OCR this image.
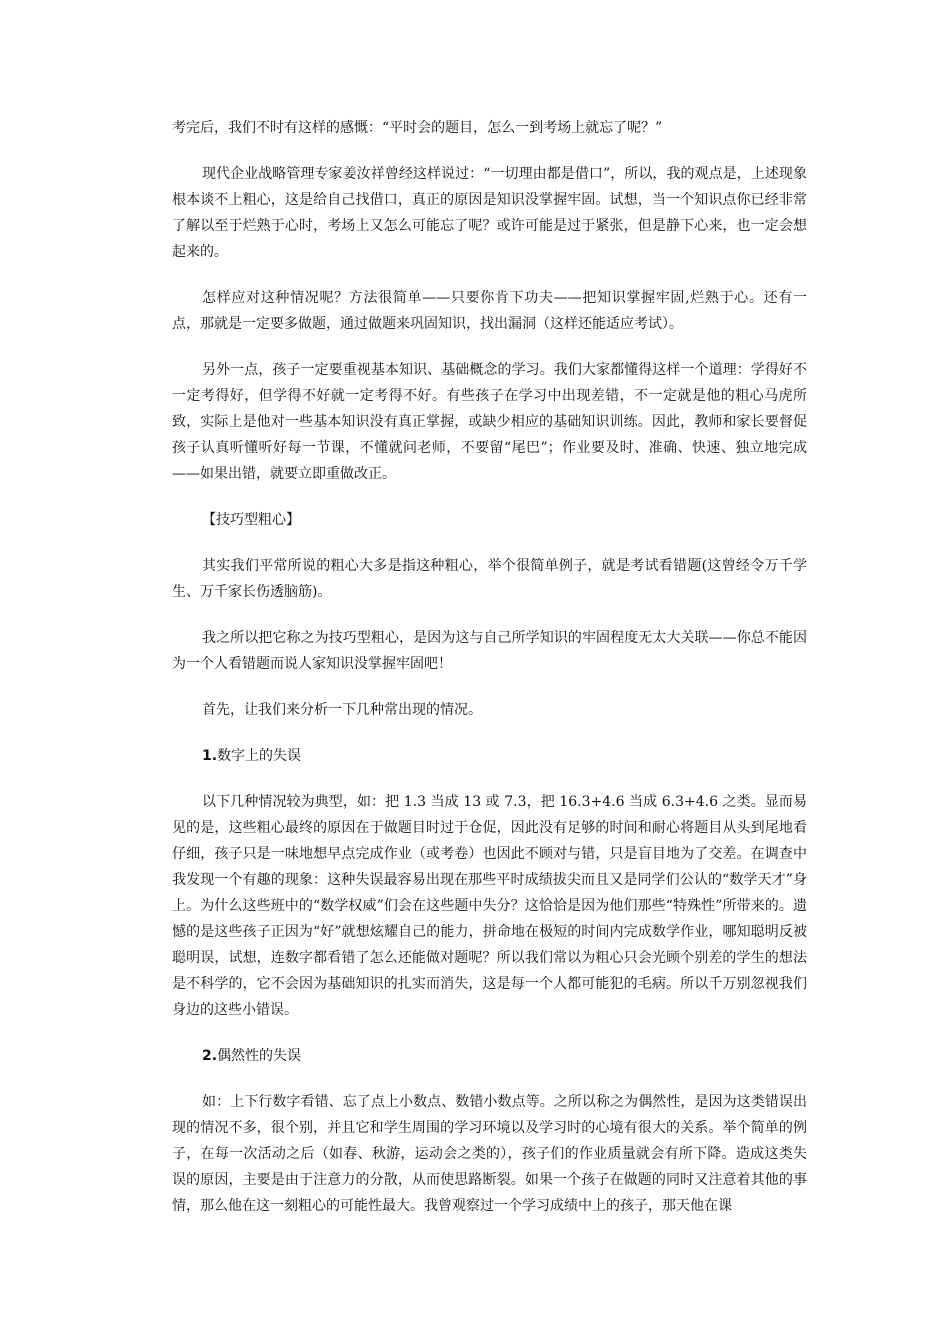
考完后，我们不时有这样的感慨：“平时会的题目，怎么一到考场上就忘了呢？”

现代企业战略管理专家姜汝祥曾经这样说过：“一切理由都是借口”，所以，我的观点是，上述现象根本谈不上粗心，这是给自己找借口，真正的原因是知识没掌握牢固。试想，当一个知识点你已经非常了解以至于烂熟于心时，考场上又怎么可能忘了呢？或许可能是过于紧张，但是静下心来，也一定会想起来的。

怎样应对这种情况呢？方法很简单——只要你肯下功夫——把知识掌握牢固,烂熟于心。还有一点，那就是一定要多做题，通过做题来巩固知识，找出漏洞（这样还能适应考试）。

另外一点，孩子一定要重视基本知识、基础概念的学习。我们大家都懂得这样一个道理：学得好不一定考得好，但学得不好就一定考得不好。有些孩子在学习中出现差错，不一定就是他的粗心马虎所致，实际上是他对一些基本知识没有真正掌握，或缺少相应的基础知识训练。因此，教师和家长要督促孩子认真听懂听好每一节课，不懂就问老师，不要留“尾巴”；作业要及时、准确、快速、独立地完成——如果出错，就要立即重做改正。

【技巧型粗心】

其实我们平常所说的粗心大多是指这种粗心，举个很简单例子，就是考试看错题(这曾经令万千学生、万千家长伤透脑筋)。

我之所以把它称之为技巧型粗心，是因为这与自己所学知识的牢固程度无太大关联——你总不能因为一个人看错题而说人家知识没掌握牢固吧！

首先，让我们来分析一下几种常出现的情况。

1.数字上的失误

以下几种情况较为典型，如：把 1.3 当成 13 或 7.3，把 16.3+4.6 当成 6.3+4.6 之类。显而易见的是，这些粗心最终的原因在于做题目时过于仓促，因此没有足够的时间和耐心将题目从头到尾地看仔细，孩子只是一味地想早点完成作业（或考卷）也因此不顾对与错，只是盲目地为了交差。在调查中我发现一个有趣的现象：这种失误最容易出现在那些平时成绩拔尖而且又是同学们公认的“数学天才”身上。为什么这些班中的“数学权威”们会在这些题中失分？这恰恰是因为他们那些“特殊性”所带来的。遗憾的是这些孩子正因为“好”就想炫耀自己的能力，拼命地在极短的时间内完成数学作业，哪知聪明反被聪明误，试想，连数字都看错了怎么还能做对题呢？所以我们常以为粗心只会光顾个别差的学生的想法是不科学的，它不会因为基础知识的扎实而消失，这是每一个人都可能犯的毛病。所以千万别忽视我们身边的这些小错误。

2.偶然性的失误

如：上下行数字看错、忘了点上小数点、数错小数点等。之所以称之为偶然性，是因为这类错误出现的情况不多，很个别，并且它和学生周围的学习环境以及学习时的心境有很大的关系。举个简单的例子，在每一次活动之后（如春、秋游，运动会之类的），孩子们的作业质量就会有所下降。造成这类失误的原因，主要是由于注意力的分散，从而使思路断裂。如果一个孩子在做题的同时又注意着其他的事情，那么他在这一刻粗心的可能性最大。我曾观察过一个学习成绩中上的孩子，那天他在课
